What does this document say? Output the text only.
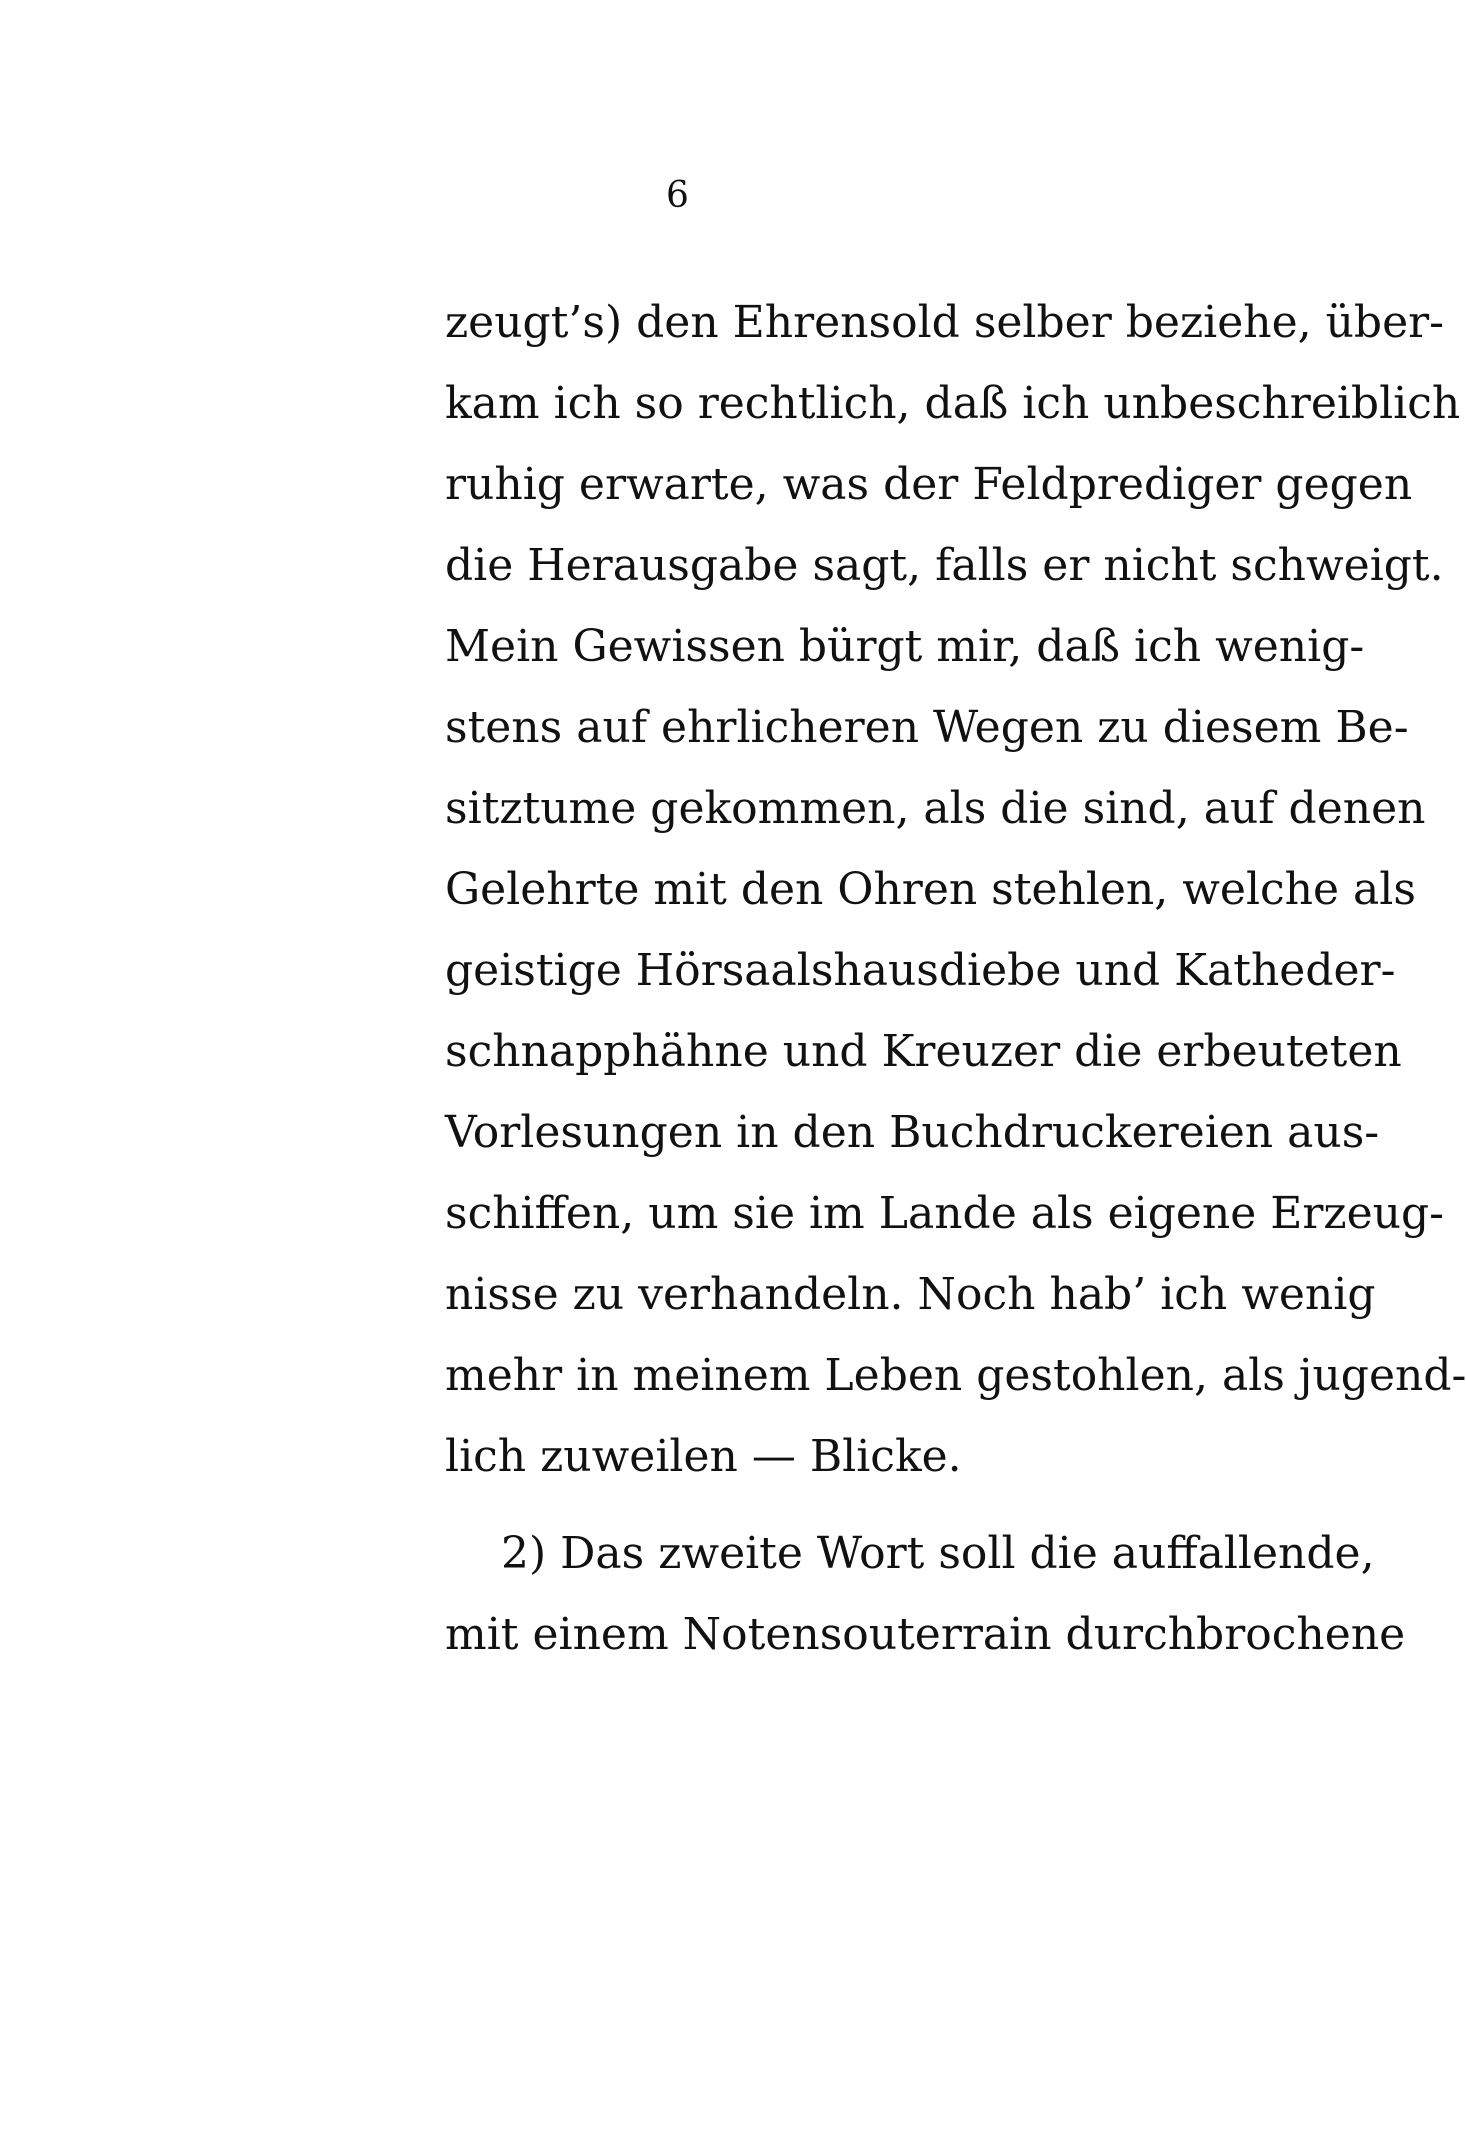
6
zeugt’s) den Ehrensold selber beziehe, über-
kam ich so rechtlich, daß ich unbeschreiblich
ruhig erwarte, was der Feldprediger gegen
die Herausgabe sagt, falls er nicht schweigt.
Mein Gewissen bürgt mir, daß ich wenig-
stens auf ehrlicheren Wegen zu diesem Be-
sitztume gekommen, als die sind, auf denen
Gelehrte mit den Ohren stehlen, welche als
geistige Hörsaalshausdiebe und Katheder-
schnapphähne und Kreuzer die erbeuteten
Vorlesungen in den Buchdruckereien aus-
schiffen, um sie im Lande als eigene Erzeug-
nisse zu verhandeln. Noch hab’ ich wenig
mehr in meinem Leben gestohlen, als jugend-
lich zuweilen — Blicke.
2) Das zweite Wort soll die auffallende,
mit einem Notensouterrain durchbrochene
